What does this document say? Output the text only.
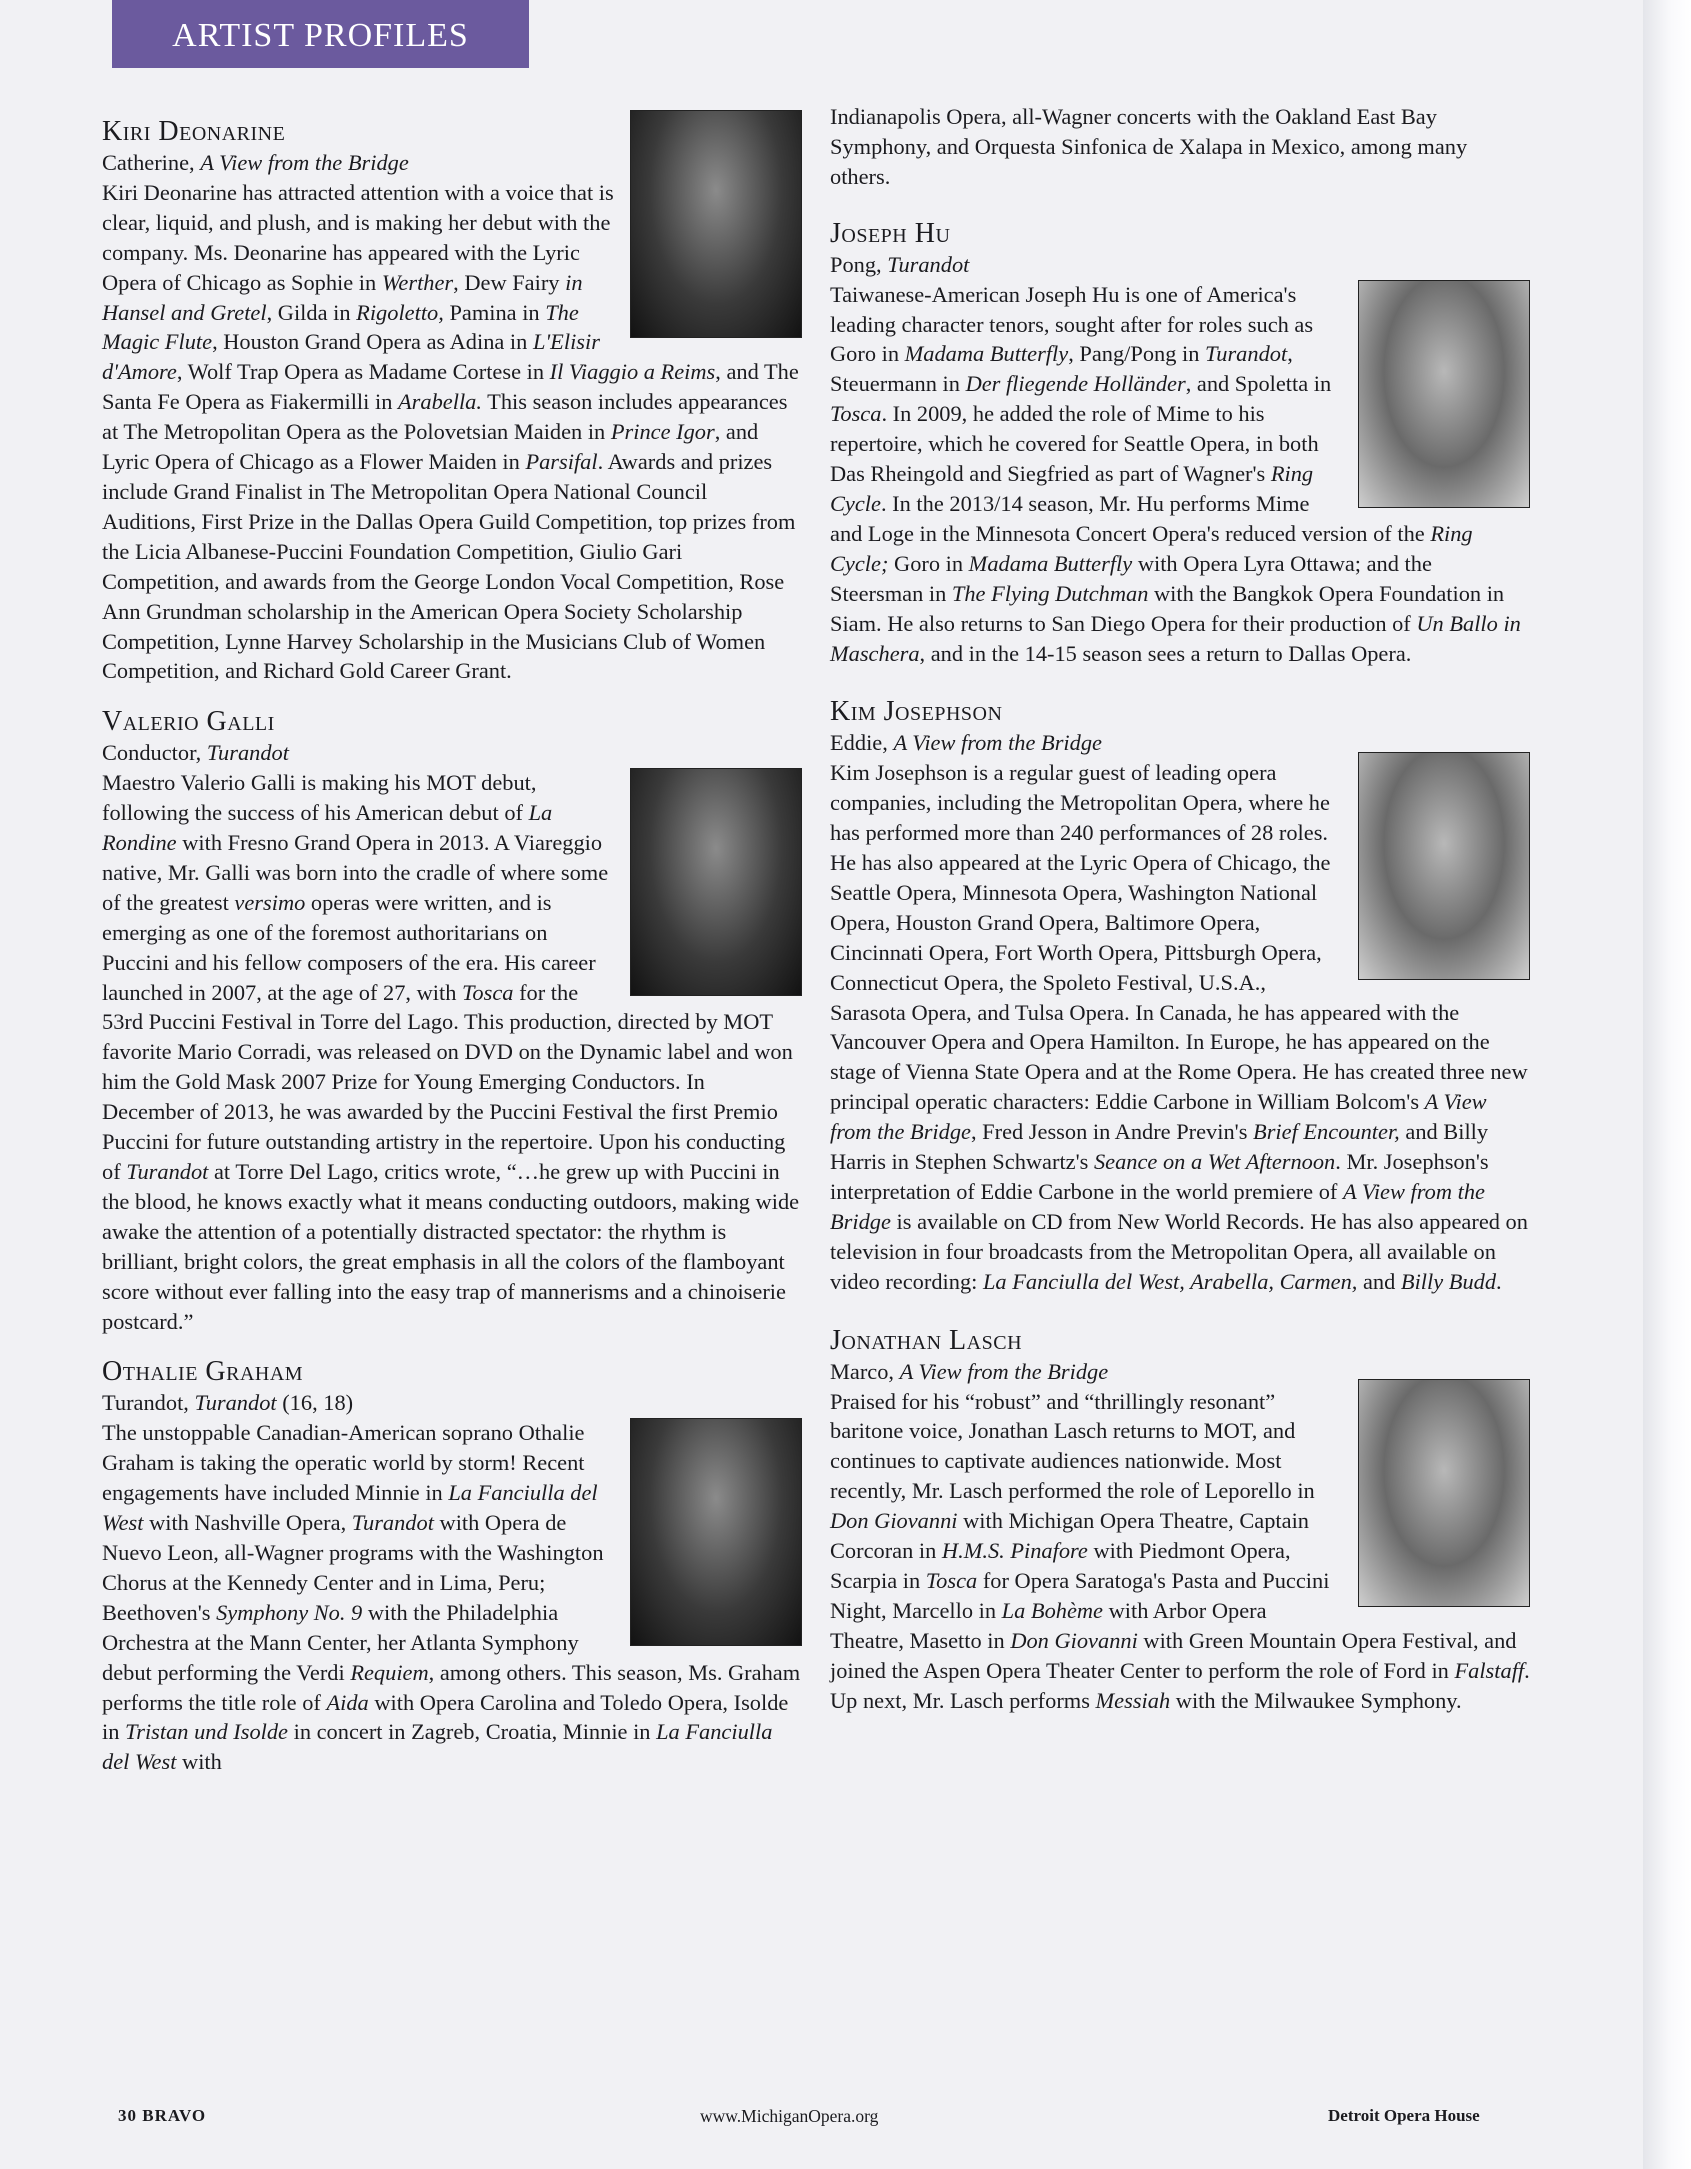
ARTIST PROFILES
Kiri Deonarine

Catherine, A View from the Bridge

Kiri Deonarine has attracted attention with a voice that is clear, liquid, and plush, and is making her debut with the company. Ms. Deonarine has appeared with the Lyric Opera of Chicago as Sophie in Werther, Dew Fairy in Hansel and Gretel, Gilda in Rigoletto, Pamina in The Magic Flute, Houston Grand Opera as Adina in L'Elisir d'Amore, Wolf Trap Opera as Madame Cortese in Il Viaggio a Reims, and The Santa Fe Opera as Fiakermilli in Arabella. This season includes appearances at The Metropolitan Opera as the Polovetsian Maiden in Prince Igor, and Lyric Opera of Chicago as a Flower Maiden in Parsifal. Awards and prizes include Grand Finalist in The Metropolitan Opera National Council Auditions, First Prize in the Dallas Opera Guild Competition, top prizes from the Licia Albanese-Puccini Foundation Competition, Giulio Gari Competition, and awards from the George London Vocal Competition, Rose Ann Grundman scholarship in the American Opera Society Scholarship Competition, Lynne Harvey Scholarship in the Musicians Club of Women Competition, and Richard Gold Career Grant.

Valerio Galli

Conductor, Turandot

Maestro Valerio Galli is making his MOT debut, following the success of his American debut of La Rondine with Fresno Grand Opera in 2013. A Viareggio native, Mr. Galli was born into the cradle of where some of the greatest versimo operas were written, and is emerging as one of the foremost authoritarians on Puccini and his fellow composers of the era. His career launched in 2007, at the age of 27, with Tosca for the 53rd Puccini Festival in Torre del Lago. This production, directed by MOT favorite Mario Corradi, was released on DVD on the Dynamic label and won him the Gold Mask 2007 Prize for Young Emerging Conductors. In December of 2013, he was awarded by the Puccini Festival the first Premio Puccini for future outstanding artistry in the repertoire. Upon his conducting of Turandot at Torre Del Lago, critics wrote, “…he grew up with Puccini in the blood, he knows exactly what it means conducting outdoors, making wide awake the attention of a potentially distracted spectator: the rhythm is brilliant, bright colors, the great emphasis in all the colors of the flamboyant score without ever falling into the easy trap of mannerisms and a chinoiserie postcard.”

Othalie Graham

Turandot, Turandot (16, 18)

The unstoppable Canadian-American soprano Othalie Graham is taking the operatic world by storm! Recent engagements have included Minnie in La Fanciulla del West with Nashville Opera, Turandot with Opera de Nuevo Leon, all-Wagner programs with the Washington Chorus at the Kennedy Center and in Lima, Peru; Beethoven's Symphony No. 9 with the Philadelphia Orchestra at the Mann Center, her Atlanta Symphony debut performing the Verdi Requiem, among others. This season, Ms. Graham performs the title role of Aida with Opera Carolina and Toledo Opera, Isolde in Tristan und Isolde in concert in Zagreb, Croatia, Minnie in La Fanciulla del West with

Indianapolis Opera, all-Wagner concerts with the Oakland East Bay Symphony, and Orquesta Sinfonica de Xalapa in Mexico, among many others.

Joseph Hu

Pong, Turandot

Taiwanese-American Joseph Hu is one of America's leading character tenors, sought after for roles such as Goro in Madama Butterfly, Pang/Pong in Turandot, Steuermann in Der fliegende Holländer, and Spoletta in Tosca. In 2009, he added the role of Mime to his repertoire, which he covered for Seattle Opera, in both Das Rheingold and Siegfried as part of Wagner's Ring Cycle. In the 2013/14 season, Mr. Hu performs Mime and Loge in the Minnesota Concert Opera's reduced version of the Ring Cycle; Goro in Madama Butterfly with Opera Lyra Ottawa; and the Steersman in The Flying Dutchman with the Bangkok Opera Foundation in Siam. He also returns to San Diego Opera for their production of Un Ballo in Maschera, and in the 14-15 season sees a return to Dallas Opera.

Kim Josephson

Eddie, A View from the Bridge

Kim Josephson is a regular guest of leading opera companies, including the Metropolitan Opera, where he has performed more than 240 performances of 28 roles. He has also appeared at the Lyric Opera of Chicago, the Seattle Opera, Minnesota Opera, Washington National Opera, Houston Grand Opera, Baltimore Opera, Cincinnati Opera, Fort Worth Opera, Pittsburgh Opera, Connecticut Opera, the Spoleto Festival, U.S.A., Sarasota Opera, and Tulsa Opera. In Canada, he has appeared with the Vancouver Opera and Opera Hamilton. In Europe, he has appeared on the stage of Vienna State Opera and at the Rome Opera. He has created three new principal operatic characters: Eddie Carbone in William Bolcom's A View from the Bridge, Fred Jesson in Andre Previn's Brief Encounter, and Billy Harris in Stephen Schwartz's Seance on a Wet Afternoon. Mr. Josephson's interpretation of Eddie Carbone in the world premiere of A View from the Bridge is available on CD from New World Records. He has also appeared on television in four broadcasts from the Metropolitan Opera, all available on video recording: La Fanciulla del West, Arabella, Carmen, and Billy Budd.

Jonathan Lasch

Marco, A View from the Bridge

Praised for his “robust” and “thrillingly resonant” baritone voice, Jonathan Lasch returns to MOT, and continues to captivate audiences nationwide. Most recently, Mr. Lasch performed the role of Leporello in Don Giovanni with Michigan Opera Theatre, Captain Corcoran in H.M.S. Pinafore with Piedmont Opera, Scarpia in Tosca for Opera Saratoga's Pasta and Puccini Night, Marcello in La Bohème with Arbor Opera Theatre, Masetto in Don Giovanni with Green Mountain Opera Festival, and joined the Aspen Opera Theater Center to perform the role of Ford in Falstaff. Up next, Mr. Lasch performs Messiah with the Milwaukee Symphony.

30 BRAVO	www.MichiganOpera.org	Detroit Opera House
